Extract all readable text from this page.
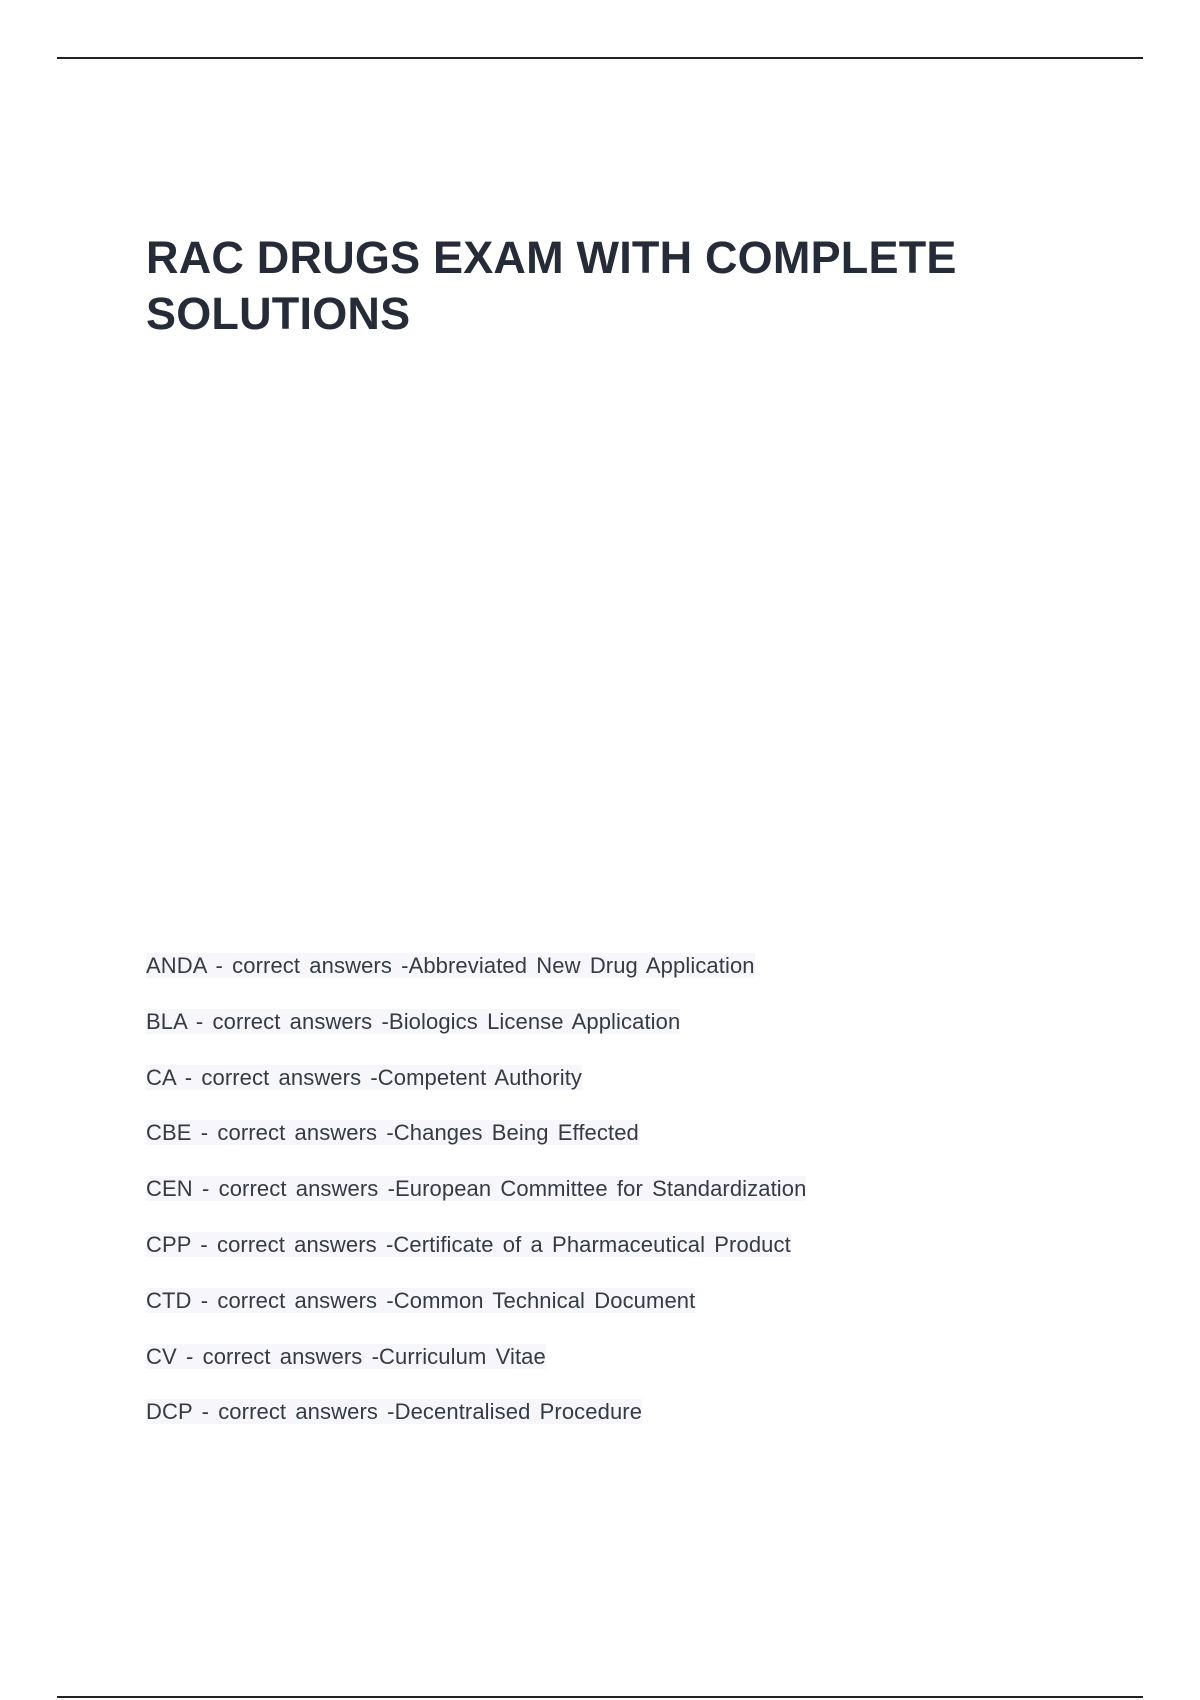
RAC DRUGS EXAM WITH COMPLETE SOLUTIONS
ANDA - correct answers -Abbreviated New Drug Application
BLA - correct answers -Biologics License Application
CA - correct answers -Competent Authority
CBE - correct answers -Changes Being Effected
CEN - correct answers -European Committee for Standardization
CPP - correct answers -Certificate of a Pharmaceutical Product
CTD - correct answers -Common Technical Document
CV - correct answers -Curriculum Vitae
DCP - correct answers -Decentralised Procedure
